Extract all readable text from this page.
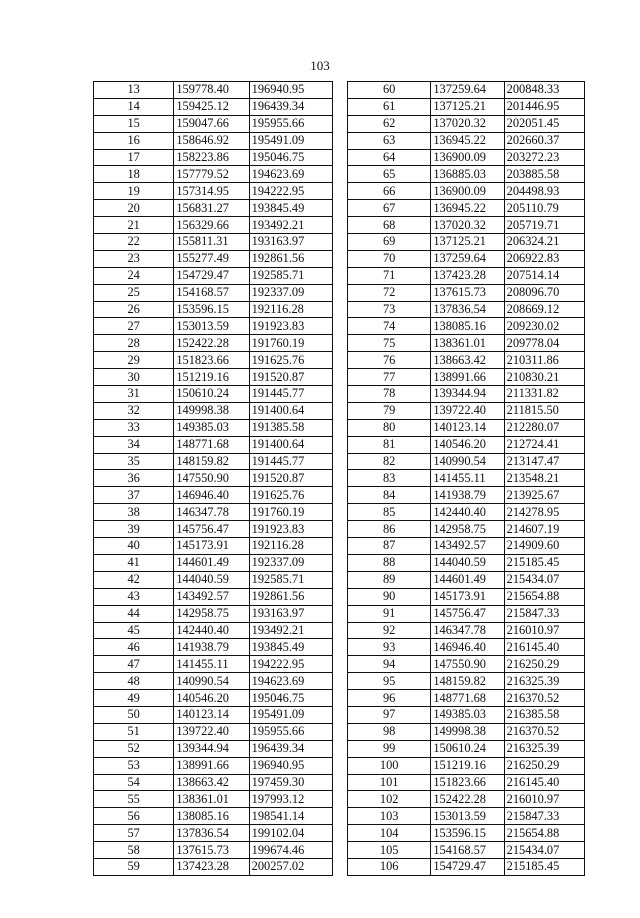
103
13	159778.40	196940.95
14	159425.12	196439.34
15	159047.66	195955.66
16	158646.92	195491.09
17	158223.86	195046.75
18	157779.52	194623.69
19	157314.95	194222.95
20	156831.27	193845.49
21	156329.66	193492.21
22	155811.31	193163.97
23	155277.49	192861.56
24	154729.47	192585.71
25	154168.57	192337.09
26	153596.15	192116.28
27	153013.59	191923.83
28	152422.28	191760.19
29	151823.66	191625.76
30	151219.16	191520.87
31	150610.24	191445.77
32	149998.38	191400.64
33	149385.03	191385.58
34	148771.68	191400.64
35	148159.82	191445.77
36	147550.90	191520.87
37	146946.40	191625.76
38	146347.78	191760.19
39	145756.47	191923.83
40	145173.91	192116.28
41	144601.49	192337.09
42	144040.59	192585.71
43	143492.57	192861.56
44	142958.75	193163.97
45	142440.40	193492.21
46	141938.79	193845.49
47	141455.11	194222.95
48	140990.54	194623.69
49	140546.20	195046.75
50	140123.14	195491.09
51	139722.40	195955.66
52	139344.94	196439.34
53	138991.66	196940.95
54	138663.42	197459.30
55	138361.01	197993.12
56	138085.16	198541.14
57	137836.54	199102.04
58	137615.73	199674.46
59	137423.28	200257.02
60	137259.64	200848.33
61	137125.21	201446.95
62	137020.32	202051.45
63	136945.22	202660.37
64	136900.09	203272.23
65	136885.03	203885.58
66	136900.09	204498.93
67	136945.22	205110.79
68	137020.32	205719.71
69	137125.21	206324.21
70	137259.64	206922.83
71	137423.28	207514.14
72	137615.73	208096.70
73	137836.54	208669.12
74	138085.16	209230.02
75	138361.01	209778.04
76	138663.42	210311.86
77	138991.66	210830.21
78	139344.94	211331.82
79	139722.40	211815.50
80	140123.14	212280.07
81	140546.20	212724.41
82	140990.54	213147.47
83	141455.11	213548.21
84	141938.79	213925.67
85	142440.40	214278.95
86	142958.75	214607.19
87	143492.57	214909.60
88	144040.59	215185.45
89	144601.49	215434.07
90	145173.91	215654.88
91	145756.47	215847.33
92	146347.78	216010.97
93	146946.40	216145.40
94	147550.90	216250.29
95	148159.82	216325.39
96	148771.68	216370.52
97	149385.03	216385.58
98	149998.38	216370.52
99	150610.24	216325.39
100	151219.16	216250.29
101	151823.66	216145.40
102	152422.28	216010.97
103	153013.59	215847.33
104	153596.15	215654.88
105	154168.57	215434.07
106	154729.47	215185.45
